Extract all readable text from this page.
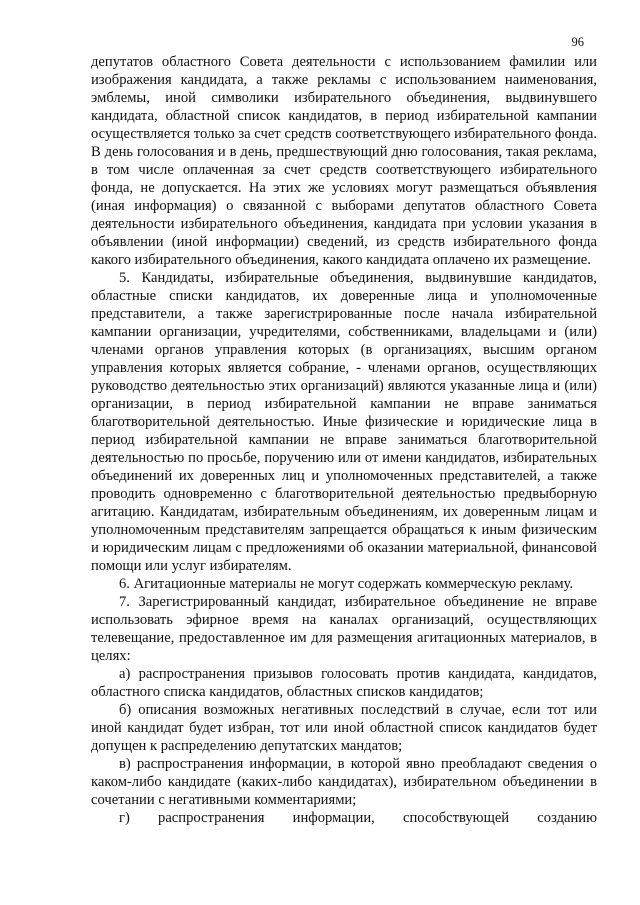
96

депутатов областного Совета деятельности с использованием фамилии или изображения кандидата, а также рекламы с использованием наименования, эмблемы, иной символики избирательного объединения, выдвинувшего кандидата, областной список кандидатов, в период избирательной кампании осуществляется только за счет средств соответствующего избирательного фонда. В день голосования и в день, предшествующий дню голосования, такая реклама, в том числе оплаченная за счет средств соответствующего избирательного фонда, не допускается. На этих же условиях могут размещаться объявления (иная информация) о связанной с выборами депутатов областного Совета деятельности избирательного объединения, кандидата при условии указания в объявлении (иной информации) сведений, из средств избирательного фонда какого избирательного объединения, какого кандидата оплачено их размещение.

5. Кандидаты, избирательные объединения, выдвинувшие кандидатов, областные списки кандидатов, их доверенные лица и уполномоченные представители, а также зарегистрированные после начала избирательной кампании организации, учредителями, собственниками, владельцами и (или) членами органов управления которых (в организациях, высшим органом управления которых является собрание, - членами органов, осуществляющих руководство деятельностью этих организаций) являются указанные лица и (или) организации, в период избирательной кампании не вправе заниматься благотворительной деятельностью. Иные физические и юридические лица в период избирательной кампании не вправе заниматься благотворительной деятельностью по просьбе, поручению или от имени кандидатов, избирательных объединений их доверенных лиц и уполномоченных представителей, а также проводить одновременно с благотворительной деятельностью предвыборную агитацию. Кандидатам, избирательным объединениям, их доверенным лицам и уполномоченным представителям запрещается обращаться к иным физическим и юридическим лицам с предложениями об оказании материальной, финансовой помощи или услуг избирателям.

6. Агитационные материалы не могут содержать коммерческую рекламу.

7. Зарегистрированный кандидат, избирательное объединение не вправе использовать эфирное время на каналах организаций, осуществляющих телевещание, предоставленное им для размещения агитационных материалов, в целях:

а) распространения призывов голосовать против кандидата, кандидатов, областного списка кандидатов, областных списков кандидатов;

б) описания возможных негативных последствий в случае, если тот или иной кандидат будет избран, тот или иной областной список кандидатов будет допущен к распределению депутатских мандатов;

в) распространения информации, в которой явно преобладают сведения о каком-либо кандидате (каких-либо кандидатах), избирательном объединении в сочетании с негативными комментариями;

г) распространения информации, способствующей созданию
